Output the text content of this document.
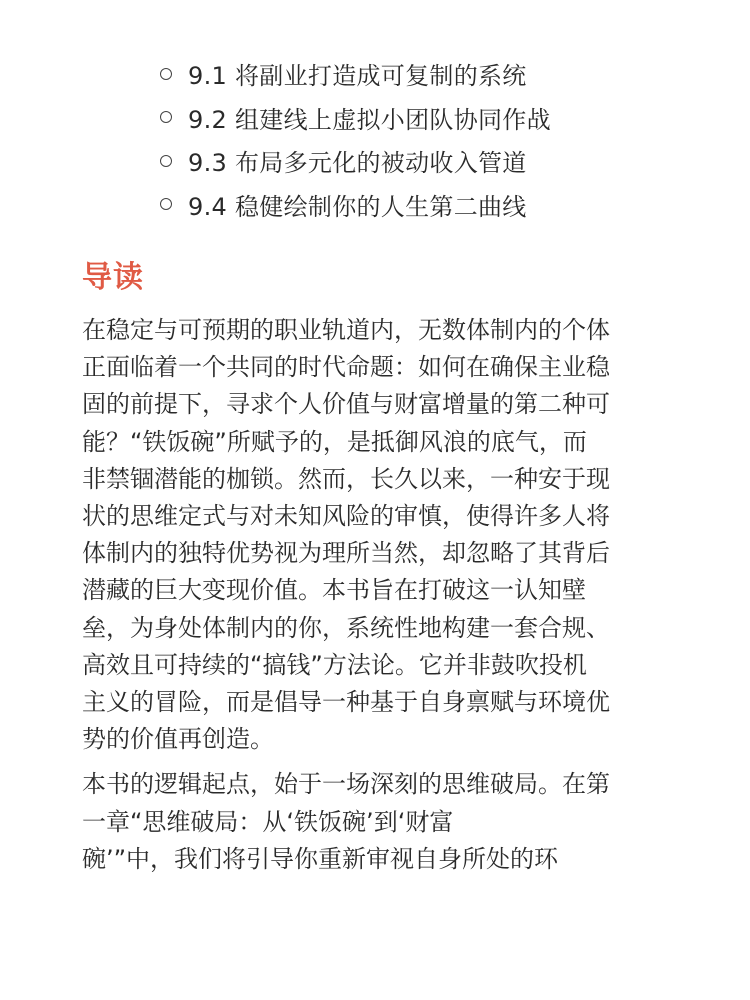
9.1 将副业打造成可复制的系统
9.2 组建线上虚拟小团队协同作战
9.3 布局多元化的被动收入管道
9.4 稳健绘制你的人生第二曲线
导读

在稳定与可预期的职业轨道内，无数体制内的个体
正面临着一个共同的时代命题：如何在确保主业稳
固的前提下，寻求个人价值与财富增量的第二种可
能？“铁饭碗”所赋予的，是抵御风浪的底气，而
非禁锢潜能的枷锁。然而，长久以来，一种安于现
状的思维定式与对未知风险的审慎，使得许多人将
体制内的独特优势视为理所当然，却忽略了其背后
潜藏的巨大变现价值。本书旨在打破这一认知壁
垒，为身处体制内的你，系统性地构建一套合规、
高效且可持续的“搞钱”方法论。它并非鼓吹投机
主义的冒险，而是倡导一种基于自身禀赋与环境优
势的价值再创造。

本书的逻辑起点，始于一场深刻的思维破局。在第
一章“思维破局：从‘铁饭碗’到‘财富
碗’”中，我们将引导你重新审视自身所处的环
